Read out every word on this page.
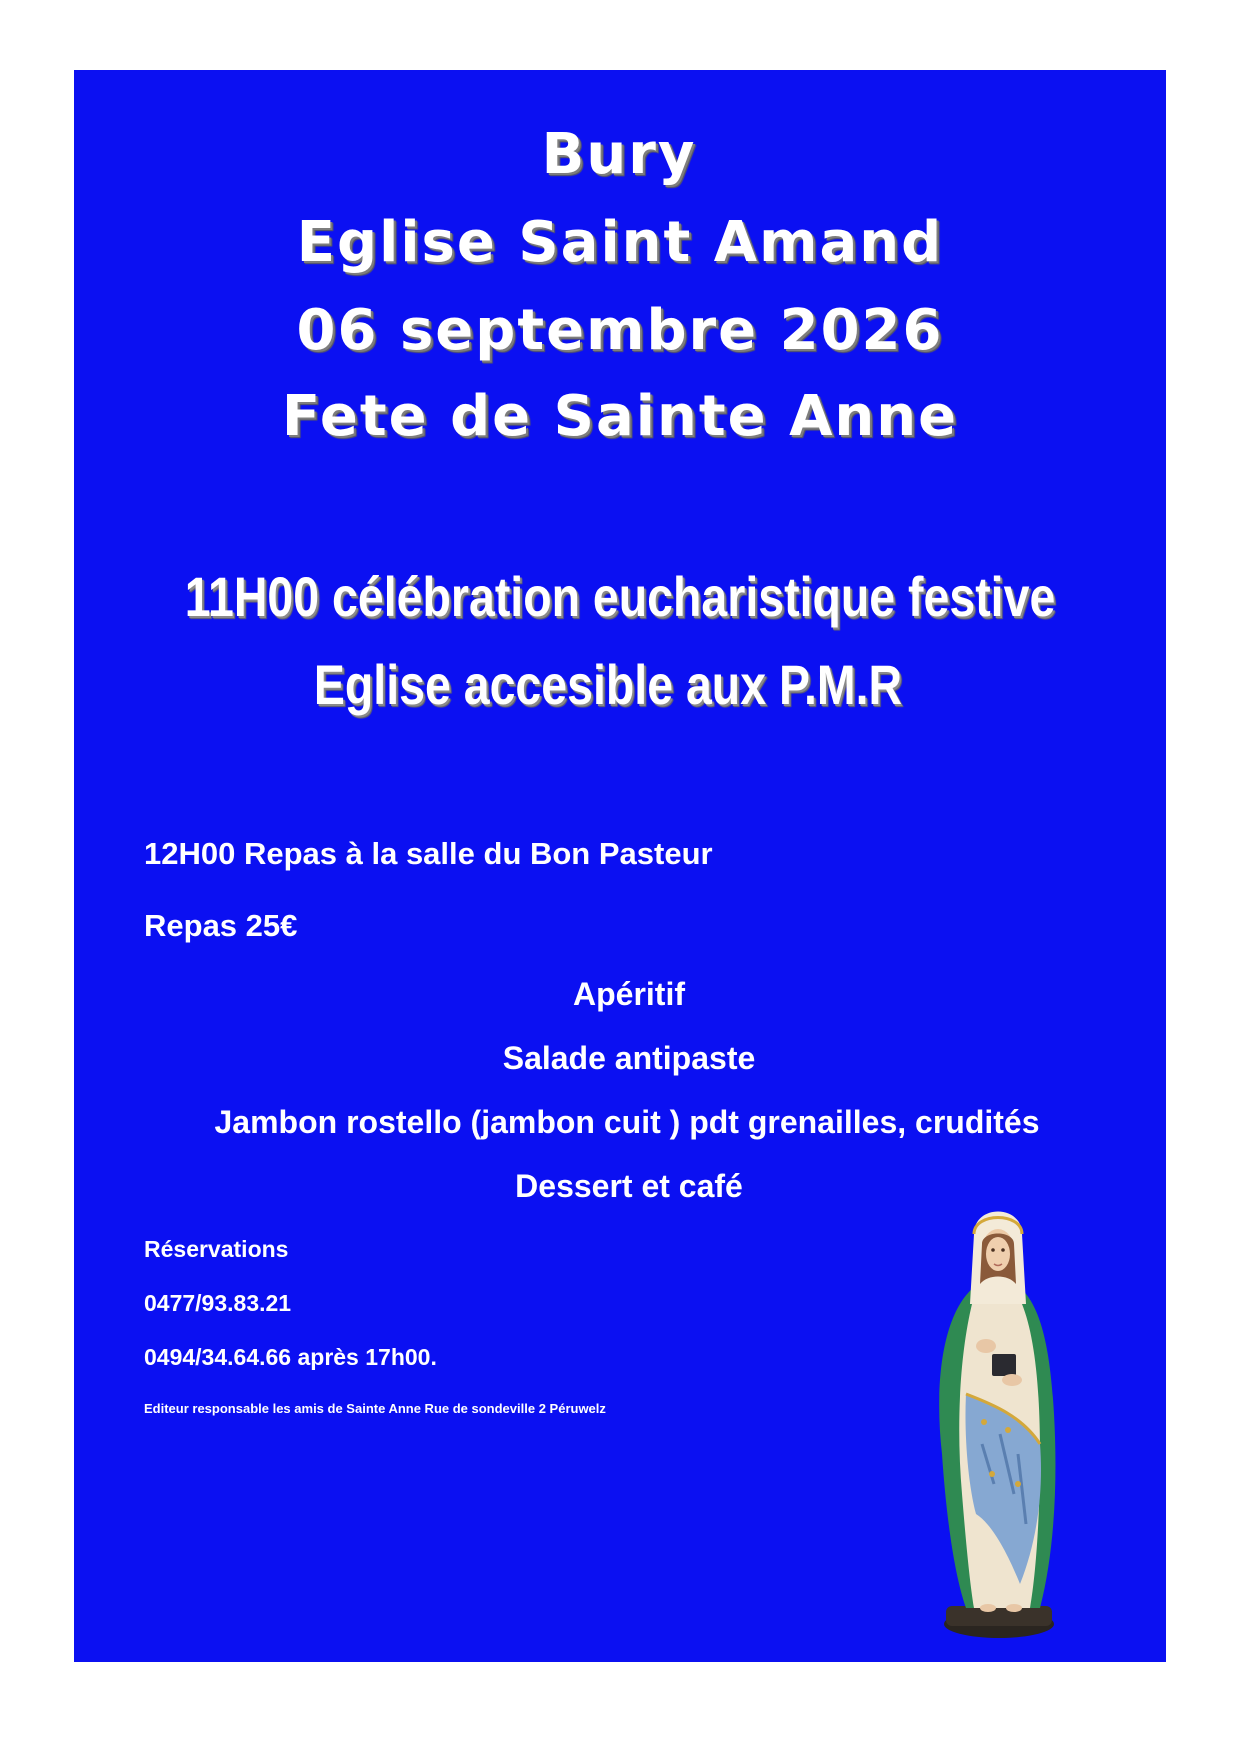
Bury
Eglise Saint Amand
06 septembre 2026
Fete de Sainte Anne
11H00 célébration eucharistique festive
Eglise accesible aux P.M.R
12H00 Repas à la salle du Bon Pasteur
Repas 25€
Apéritif
Salade antipaste
Jambon rostello (jambon cuit ) pdt grenailles, crudités
Dessert et café
Réservations
0477/93.83.21
0494/34.64.66 après 17h00.
Editeur responsable les amis de Sainte Anne Rue de sondeville 2 Péruwelz
